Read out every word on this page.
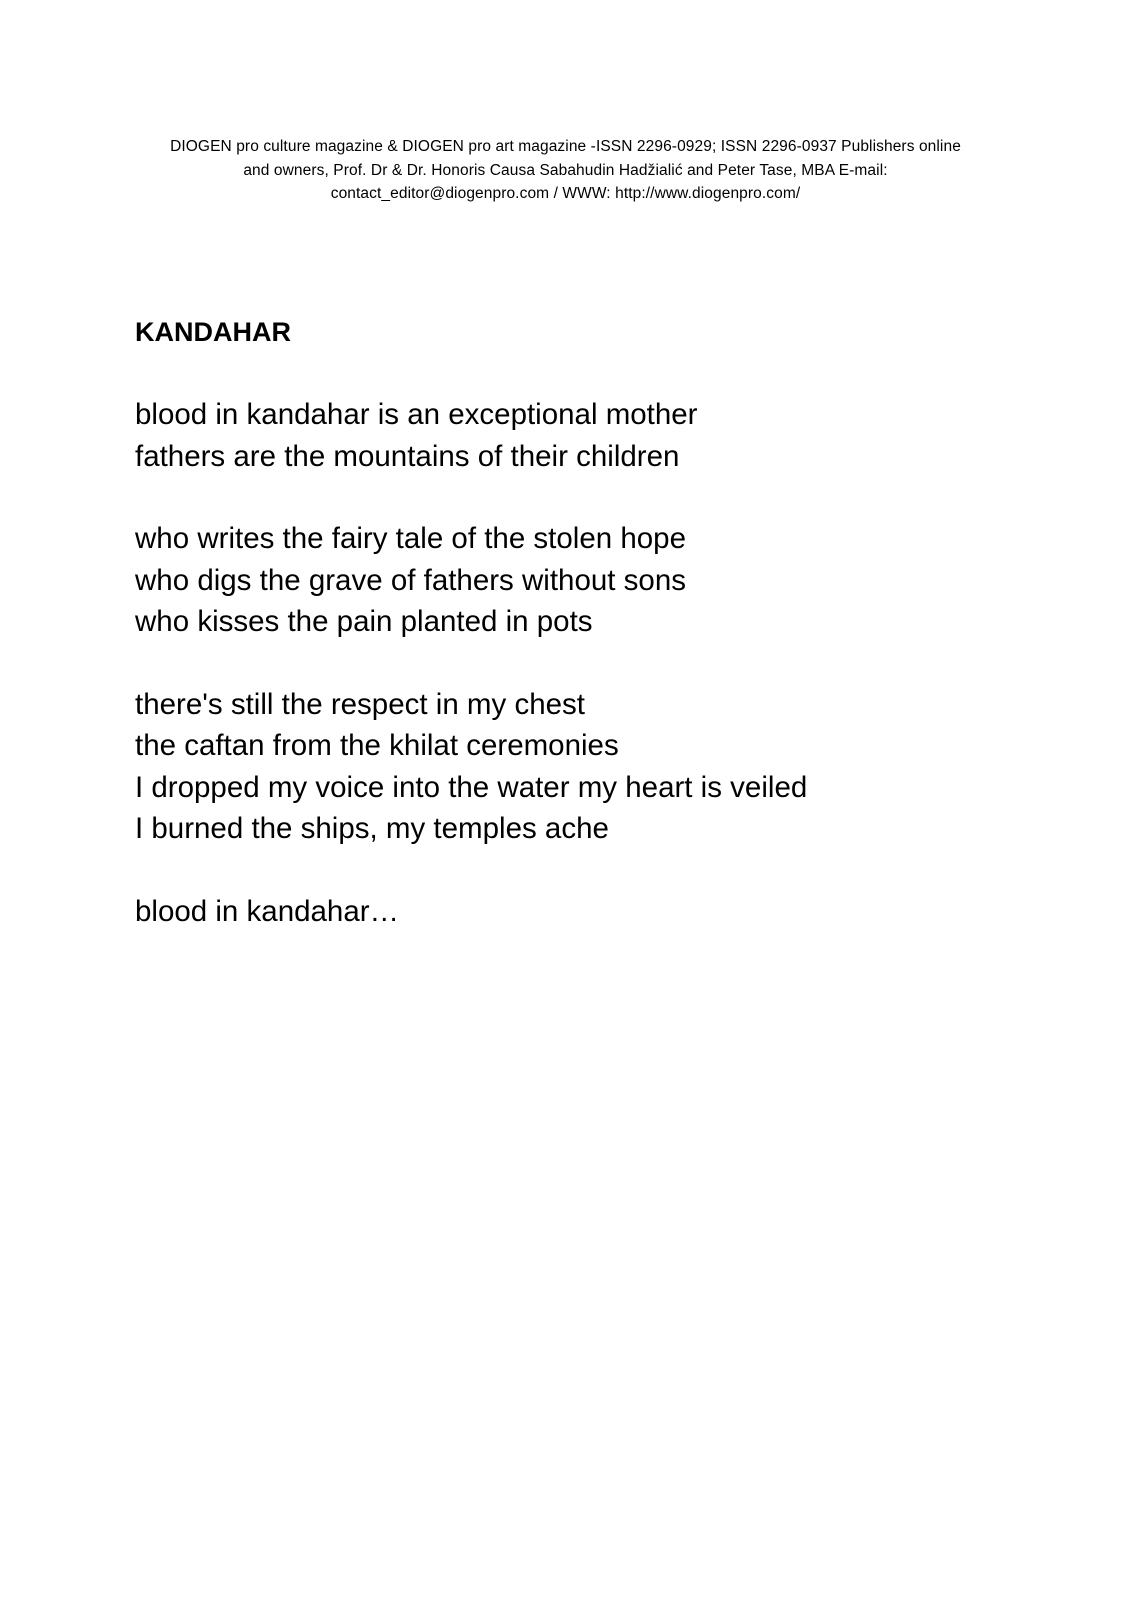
DIOGEN pro culture magazine & DIOGEN pro art magazine -ISSN 2296-0929; ISSN 2296-0937 Publishers online
and owners, Prof. Dr & Dr. Honoris Causa Sabahudin Hadžialić and Peter Tase, MBA E-mail:
contact_editor@diogenpro.com / WWW: http://www.diogenpro.com/
KANDAHAR
blood in kandahar is an exceptional mother
fathers are the mountains of their children
who writes the fairy tale of the stolen hope
who digs the grave of fathers without sons
who kisses the pain planted in pots
there's still the respect in my chest
the caftan from the khilat ceremonies
I dropped my voice into the water my heart is veiled
I burned the ships, my temples ache
blood in kandahar…
